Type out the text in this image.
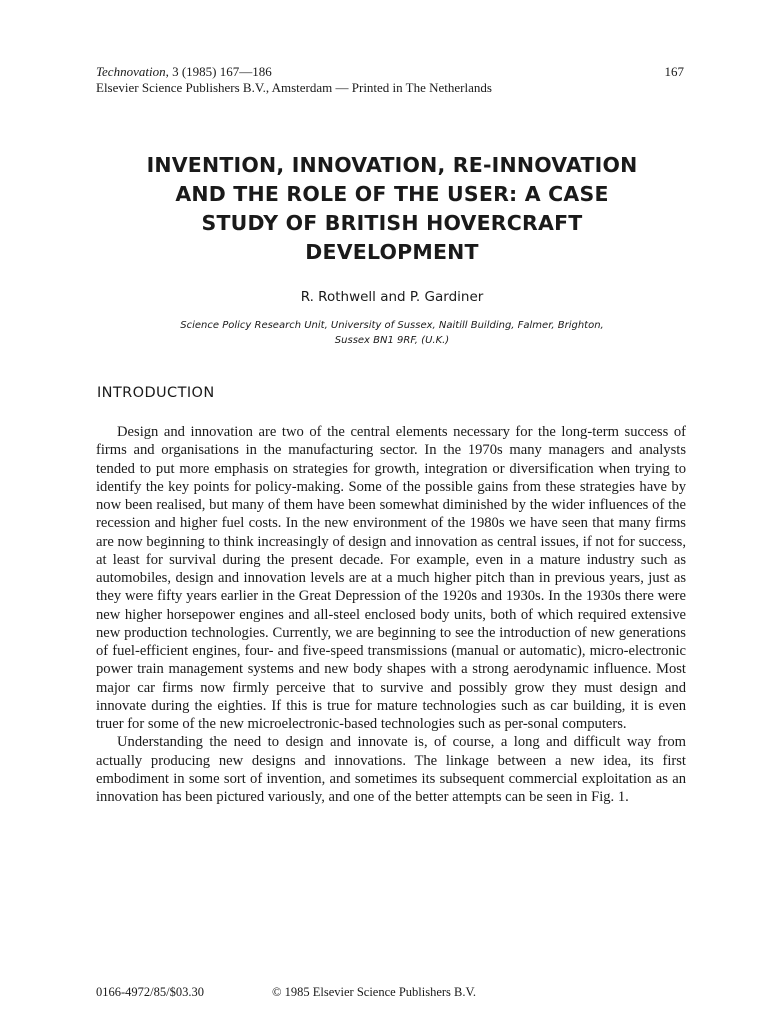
Technovation, 3 (1985) 167—186	167
Elsevier Science Publishers B.V., Amsterdam — Printed in The Netherlands
INVENTION, INNOVATION, RE-INNOVATION
AND THE ROLE OF THE USER: A CASE
STUDY OF BRITISH HOVERCRAFT
DEVELOPMENT
R. Rothwell and P. Gardiner
Science Policy Research Unit, University of Sussex, Naitill Building, Falmer, Brighton,
Sussex BN1 9RF, (U.K.)
INTRODUCTION

Design and innovation are two of the central elements necessary for the long-term success of firms and organisations in the manufacturing sector. In the 1970s many managers and analysts tended to put more emphasis on strategies for growth, integration or diversification when trying to identify the key points for policy-making. Some of the possible gains from these strategies have by now been realised, but many of them have been somewhat diminished by the wider influences of the recession and higher fuel costs. In the new environment of the 1980s we have seen that many firms are now beginning to think increasingly of design and innovation as central issues, if not for success, at least for survival during the present decade. For example, even in a mature industry such as automobiles, design and innovation levels are at a much higher pitch than in previous years, just as they were fifty years earlier in the Great Depression of the 1920s and 1930s. In the 1930s there were new higher horsepower engines and all-steel enclosed body units, both of which required extensive new production technologies. Currently, we are beginning to see the introduction of new generations of fuel-efficient engines, four- and five-speed transmissions (manual or automatic), micro-electronic power train management systems and new body shapes with a strong aerodynamic influence. Most major car firms now firmly perceive that to survive and possibly grow they must design and innovate during the eighties. If this is true for mature technologies such as car building, it is even truer for some of the new microelectronic-based technologies such as per-sonal computers.

Understanding the need to design and innovate is, of course, a long and difficult way from actually producing new designs and innovations. The linkage between a new idea, its first embodiment in some sort of invention, and sometimes its subsequent commercial exploitation as an innovation has been pictured variously, and one of the better attempts can be seen in Fig. 1.

0166-4972/85/$03.30	© 1985 Elsevier Science Publishers B.V.
